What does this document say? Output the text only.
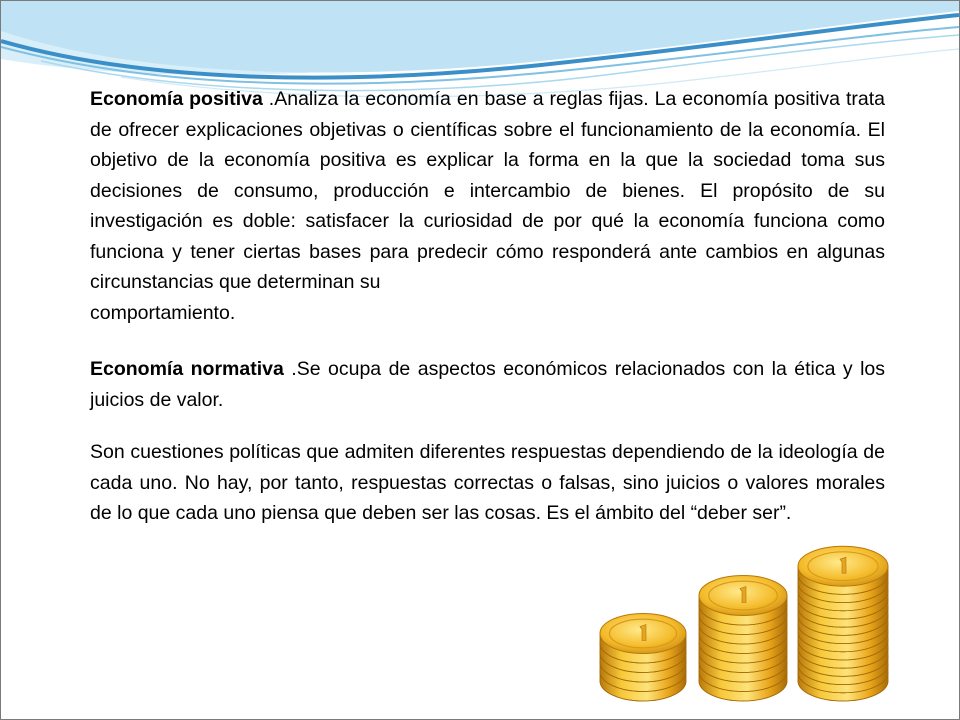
Economía positiva .Analiza la economía en base a reglas fijas. La economía positiva trata de ofrecer explicaciones objetivas o científicas sobre el funcionamiento de la economía. El objetivo de la economía positiva es explicar la forma en la que la sociedad toma sus decisiones de consumo, producción e intercambio de bienes. El propósito de su investigación es doble: satisfacer la curiosidad de por qué la economía funciona como funciona y tener ciertas bases para predecir cómo responderá ante cambios en algunas circunstancias que determinan su

comportamiento.

Economía normativa .Se ocupa de aspectos económicos relacionados con la ética y los juicios de valor.

Son cuestiones políticas que admiten diferentes respuestas dependiendo de la ideología de cada uno. No hay, por tanto, respuestas correctas o falsas, sino juicios o valores morales de lo que cada uno piensa que deben ser las cosas. Es el ámbito del “deber ser”.
